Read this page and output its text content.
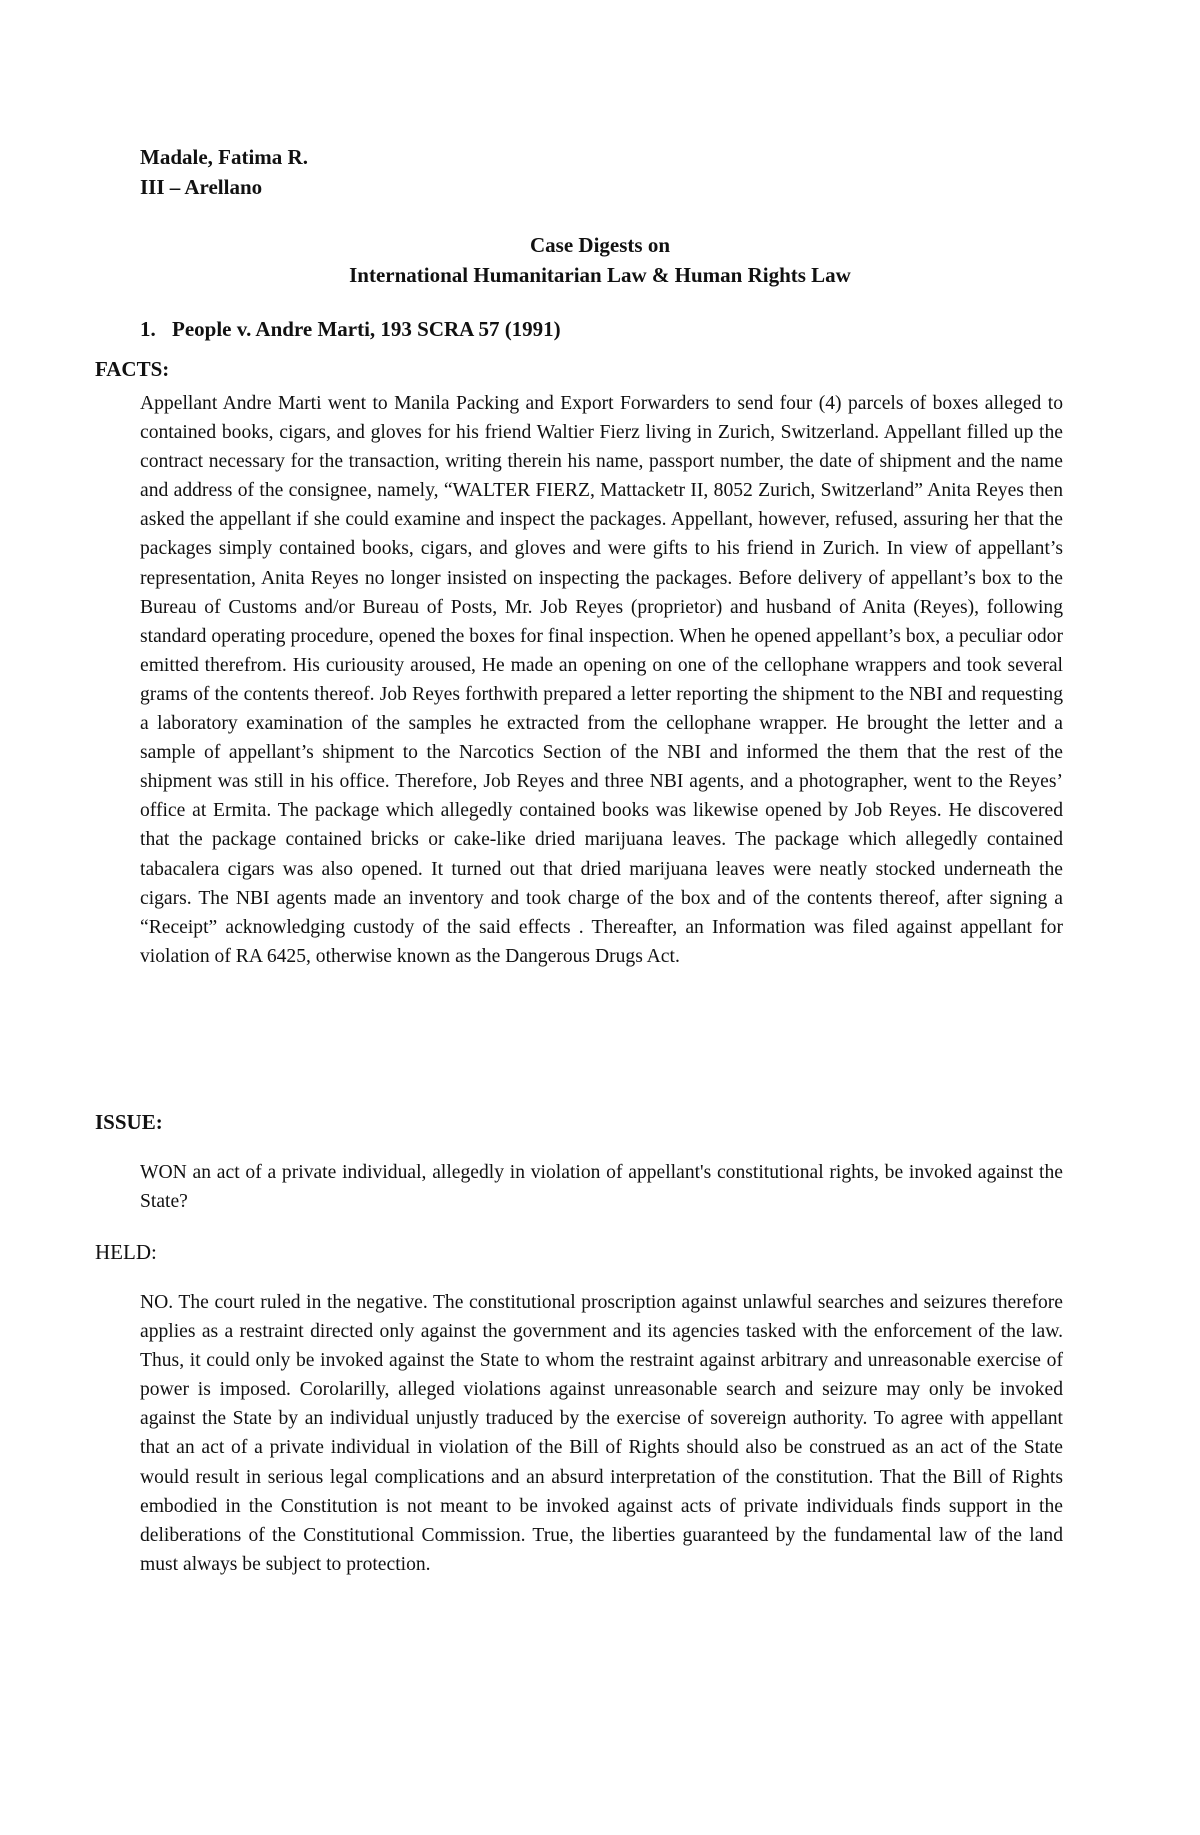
Madale, Fatima R.
III – Arellano
Case Digests on
International Humanitarian Law & Human Rights Law
1. People v. Andre Marti, 193 SCRA 57 (1991)
FACTS:

Appellant Andre Marti went to Manila Packing and Export Forwarders to send four (4) parcels of boxes alleged to contained books, cigars, and gloves for his friend Waltier Fierz living in Zurich, Switzerland. Appellant filled up the contract necessary for the transaction, writing therein his name, passport number, the date of shipment and the name and address of the consignee, namely, “WALTER FIERZ, Mattacketr II, 8052 Zurich, Switzerland” Anita Reyes then asked the appellant if she could examine and inspect the packages. Appellant, however, refused, assuring her that the packages simply contained books, cigars, and gloves and were gifts to his friend in Zurich. In view of appellant’s representation, Anita Reyes no longer insisted on inspecting the packages. Before delivery of appellant’s box to the Bureau of Customs and/or Bureau of Posts, Mr. Job Reyes (proprietor) and husband of Anita (Reyes), following standard operating procedure, opened the boxes for final inspection. When he opened appellant’s box, a peculiar odor emitted therefrom. His curiousity aroused, He made an opening on one of the cellophane wrappers and took several grams of the contents thereof. Job Reyes forthwith prepared a letter reporting the shipment to the NBI and requesting a laboratory examination of the samples he extracted from the cellophane wrapper. He brought the letter and a sample of appellant’s shipment to the Narcotics Section of the NBI and informed the them that the rest of the shipment was still in his office. Therefore, Job Reyes and three NBI agents, and a photographer, went to the Reyes’ office at Ermita. The package which allegedly contained books was likewise opened by Job Reyes. He discovered that the package contained bricks or cake-like dried marijuana leaves. The package which allegedly contained tabacalera cigars was also opened. It turned out that dried marijuana leaves were neatly stocked underneath the cigars. The NBI agents made an inventory and took charge of the box and of the contents thereof, after signing a “Receipt” acknowledging custody of the said effects . Thereafter, an Information was filed against appellant for violation of RA 6425, otherwise known as the Dangerous Drugs Act.

ISSUE:

WON an act of a private individual, allegedly in violation of appellant's constitutional rights, be invoked against the State?

HELD:

NO. The court ruled in the negative. The constitutional proscription against unlawful searches and seizures therefore applies as a restraint directed only against the government and its agencies tasked with the enforcement of the law. Thus, it could only be invoked against the State to whom the restraint against arbitrary and unreasonable exercise of power is imposed. Corolarilly, alleged violations against unreasonable search and seizure may only be invoked against the State by an individual unjustly traduced by the exercise of sovereign authority. To agree with appellant that an act of a private individual in violation of the Bill of Rights should also be construed as an act of the State would result in serious legal complications and an absurd interpretation of the constitution. That the Bill of Rights embodied in the Constitution is not meant to be invoked against acts of private individuals finds support in the deliberations of the Constitutional Commission. True, the liberties guaranteed by the fundamental law of the land must always be subject to protection.
